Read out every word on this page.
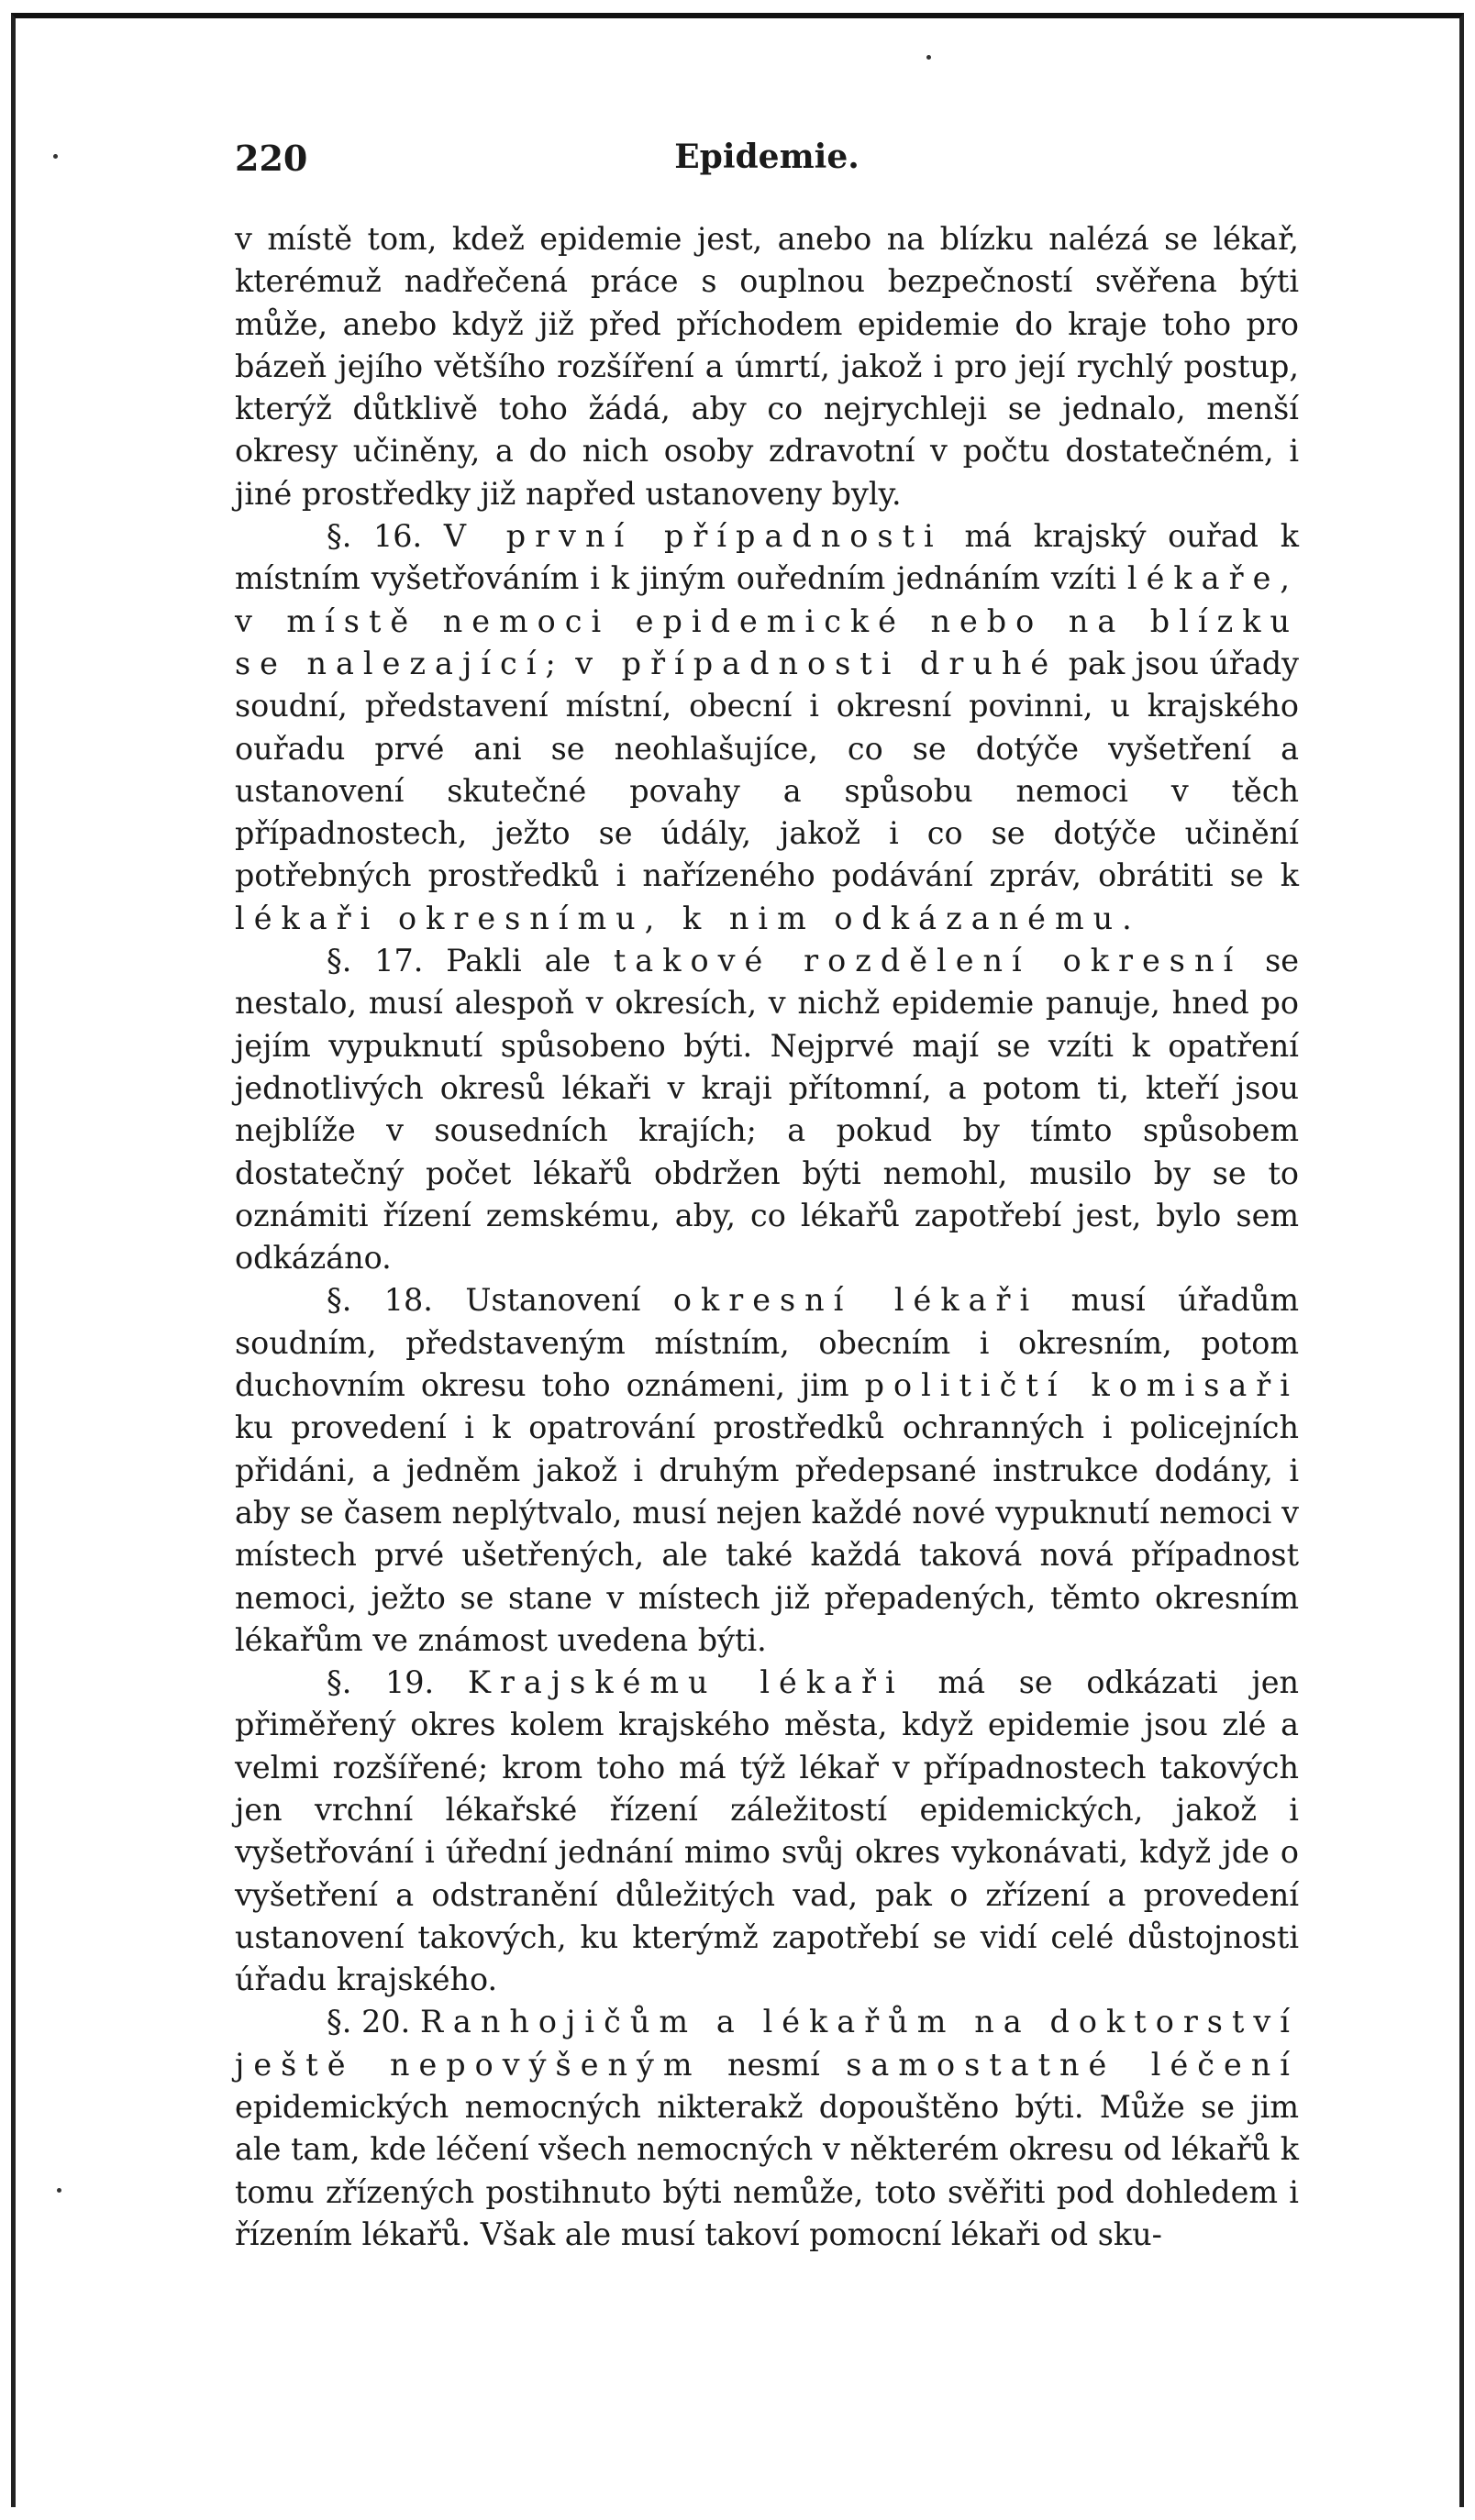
220	Epidemie.

v místě tom, kdež epidemie jest, anebo na blízku nalézá se lékař, kterémuž nadřečená práce s ouplnou bezpečností svěřena býti může, anebo když již před příchodem epidemie do kraje toho pro bázeň jejího většího rozšíření a úmrtí, jakož i pro její rychlý postup, kterýž důtklivě toho žádá, aby co nejrychleji se jednalo, menší okresy učiněny, a do nich osoby zdravotní v počtu dostatečném, i jiné prostředky již napřed ustanoveny byly.

§. 16. V první případnosti má krajský ouřad k místním vyšetřováním i k jiným ouředním jednáním vzíti lékaře, v místě nemoci epidemické nebo na blízku se nalezající; v případnosti druhé pak jsou úřady soudní, představení místní, obecní i okresní povinni, u krajského ouřadu prvé ani se neohlašujíce, co se dotýče vyšetření a ustanovení skutečné povahy a spůsobu nemoci v těch případnostech, ježto se údály, jakož i co se dotýče učinění potřebných prostředků i nařízeného podávání zpráv, obrátiti se k lékaři okresnímu, k nim odkázanému.

§. 17. Pakli ale takové rozdělení okresní se nestalo, musí alespoň v okresích, v nichž epidemie panuje, hned po jejím vypuknutí spůsobeno býti. Nejprvé mají se vzíti k opatření jednotlivých okresů lékaři v kraji přítomní, a potom ti, kteří jsou nejblíže v sousedních krajích; a pokud by tímto spůsobem dostatečný počet lékařů obdržen býti nemohl, musilo by se to oznámiti řízení zemskému, aby, co lékařů zapotřebí jest, bylo sem odkázáno.

§. 18. Ustanovení okresní lékaři musí úřadům soudním, představeným místním, obecním i okresním, potom duchovním okresu toho oznámeni, jim političtí komisaři ku provedení i k opatrování prostředků ochranných i policejních přidáni, a jedněm jakož i druhým předepsané instrukce dodány, i aby se časem neplýtvalo, musí nejen každé nové vypuknutí nemoci v místech prvé ušetřených, ale také každá taková nová případnost nemoci, ježto se stane v místech již přepadených, těmto okresním lékařům ve známost uvedena býti.

§. 19. Krajskému lékaři má se odkázati jen přiměřený okres kolem krajského města, když epidemie jsou zlé a velmi rozšířené; krom toho má týž lékař v případnostech takových jen vrchní lékařské řízení záležitostí epidemických, jakož i vyšetřování i úřední jednání mimo svůj okres vykonávati, když jde o vyšetření a odstranění důležitých vad, pak o zřízení a provedení ustanovení takových, ku kterýmž zapotřebí se vidí celé důstojnosti úřadu krajského.

§. 20. Ranhojičům a lékařům na doktorství ještě nepovýšeným nesmí samostatné léčení epidemických nemocných nikterakž dopouštěno býti. Může se jim ale tam, kde léčení všech nemocných v některém okresu od lékařů k tomu zřízených postihnuto býti nemůže, toto svěřiti pod dohledem i řízením lékařů. Však ale musí takoví pomocní lékaři od sku-
